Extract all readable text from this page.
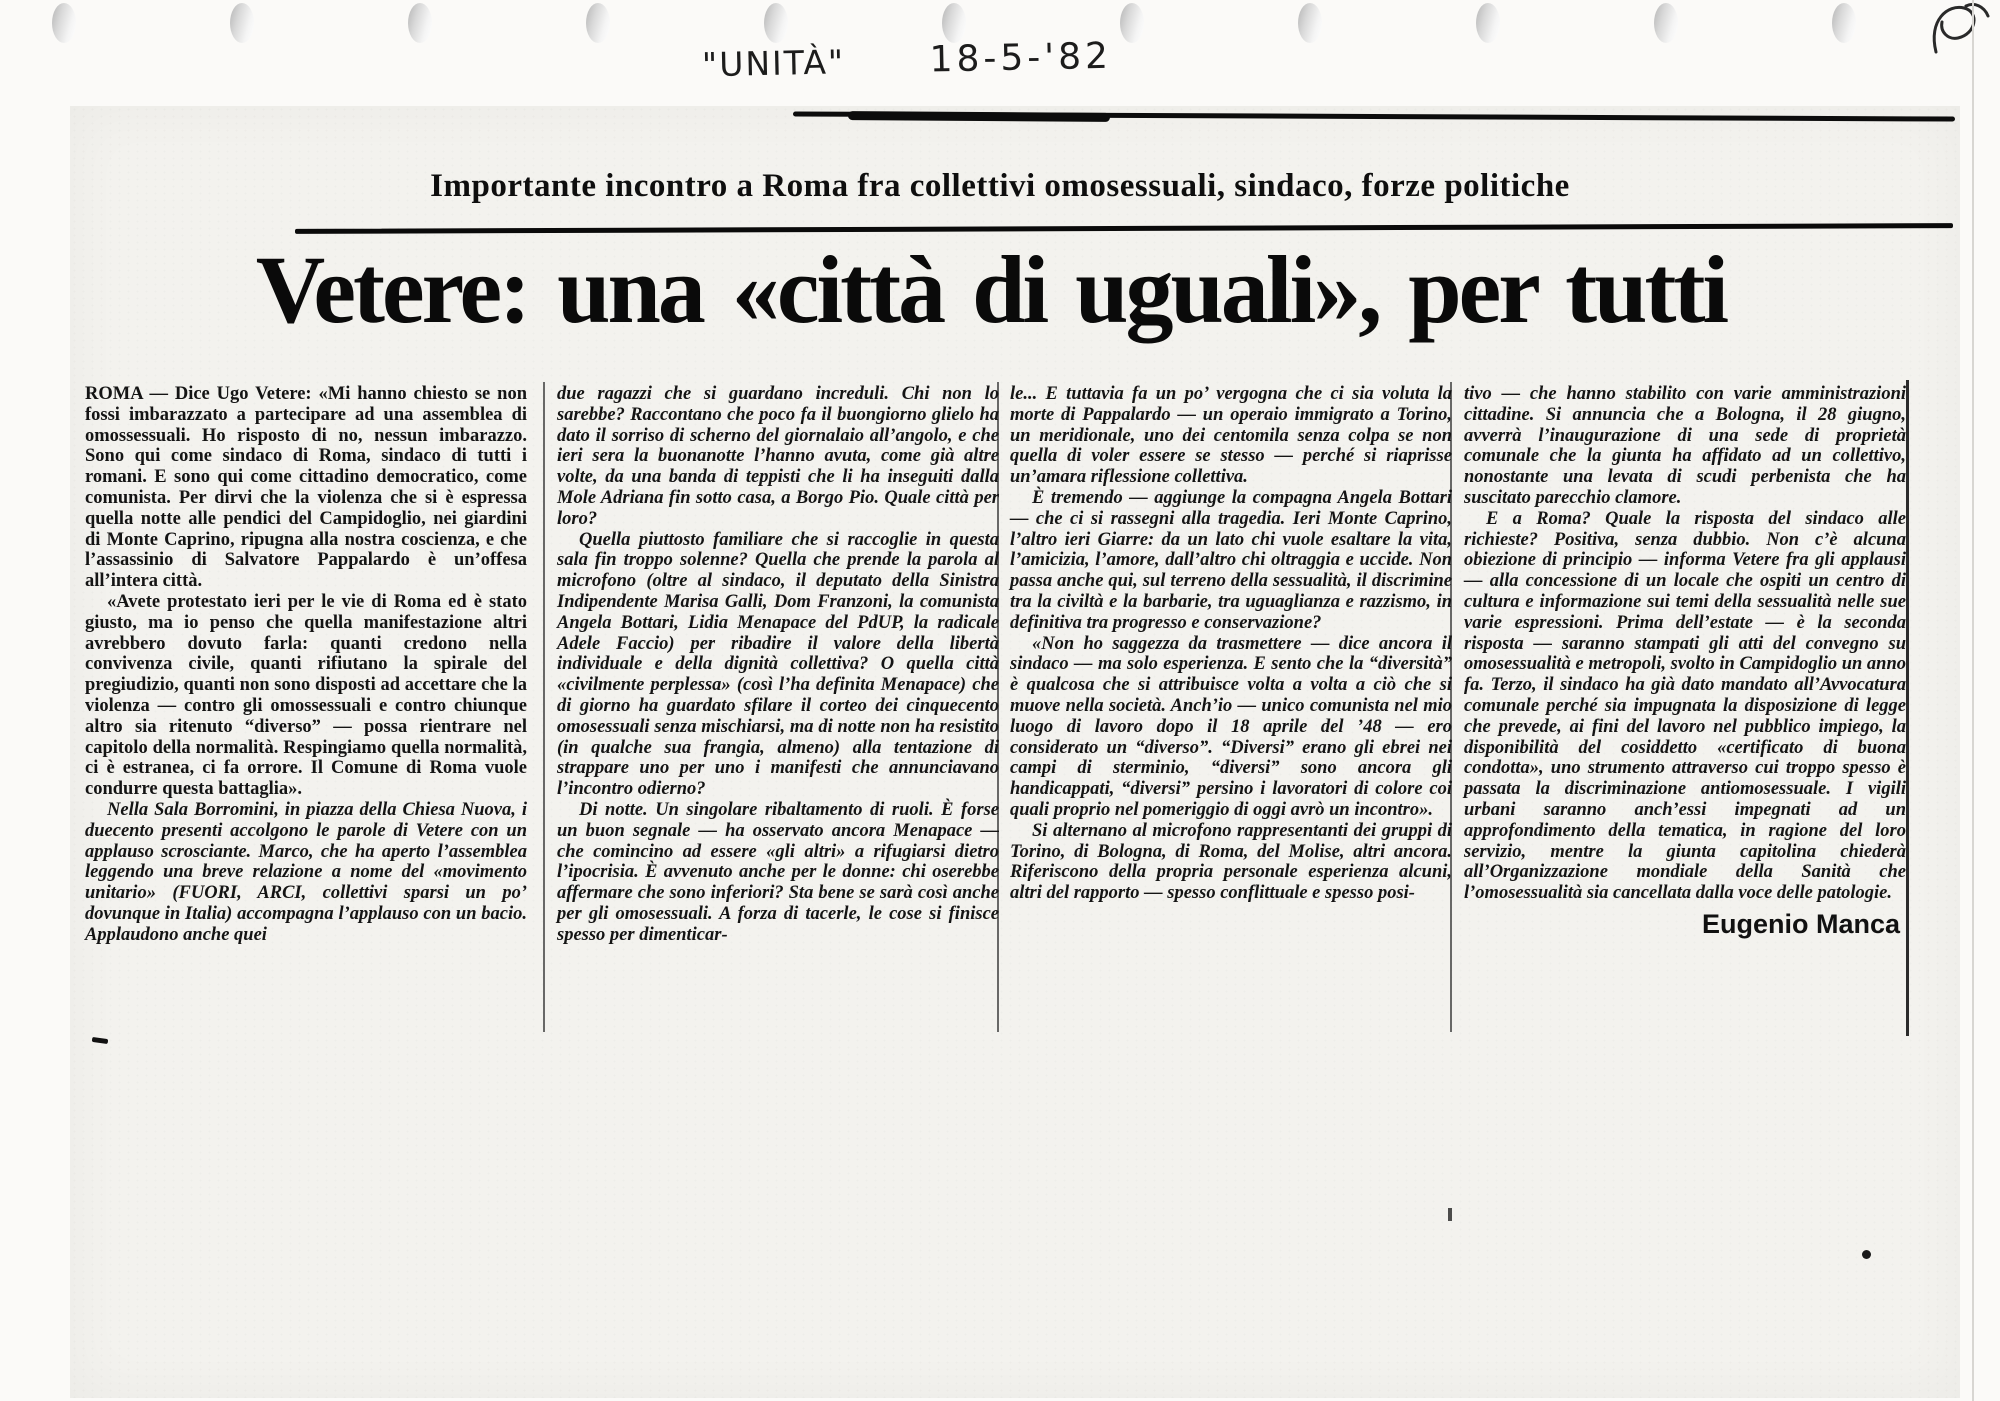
"UNITÀ" 18-5-'82
Importante incontro a Roma fra collettivi omosessuali, sindaco, forze politiche
Vetere: una «città di uguali», per tutti

ROMA — Dice Ugo Vetere: «Mi hanno chiesto se non fossi imbarazzato a partecipare ad una assemblea di omossessuali. Ho risposto di no, nessun imbarazzo. Sono qui come sindaco di Roma, sindaco di tutti i romani. E sono qui come cittadino democratico, come comunista. Per dirvi che la violenza che si è espressa quella notte alle pendici del Campidoglio, nei giardini di Monte Caprino, ripugna alla nostra coscienza, e che l’assassinio di Salvatore Pappalardo è un’offesa all’intera città.

«Avete protestato ieri per le vie di Roma ed è stato giusto, ma io penso che quella manifestazione altri avrebbero dovuto farla: quanti credono nella convivenza civile, quanti rifiutano la spirale del pregiudizio, quanti non sono disposti ad accettare che la violenza — contro gli omossessuali e contro chiunque altro sia ritenuto “diverso” — possa rientrare nel capitolo della normalità. Respingiamo quella normalità, ci è estranea, ci fa orrore. Il Comune di Roma vuole condurre questa battaglia».

Nella Sala Borromini, in piazza della Chiesa Nuova, i duecento presenti accolgono le parole di Vetere con un applauso scrosciante. Marco, che ha aperto l’assemblea leggendo una breve relazione a nome del «movimento unitario» (FUORI, ARCI, collettivi sparsi un po’ dovunque in Italia) accompagna l’applauso con un bacio. Applaudono anche quei

due ragazzi che si guardano increduli. Chi non lo sarebbe? Raccontano che poco fa il buongiorno glielo ha dato il sorriso di scherno del giornalaio all’angolo, e che ieri sera la buonanotte l’hanno avuta, come già altre volte, da una banda di teppisti che li ha inseguiti dalla Mole Adriana fin sotto casa, a Borgo Pio. Quale città per loro?

Quella piuttosto familiare che si raccoglie in questa sala fin troppo solenne? Quella che prende la parola al microfono (oltre al sindaco, il deputato della Sinistra Indipendente Marisa Galli, Dom Franzoni, la comunista Angela Bottari, Lidia Menapace del PdUP, la radicale Adele Faccio) per ribadire il valore della libertà individuale e della dignità collettiva? O quella città «civilmente perplessa» (così l’ha definita Menapace) che di giorno ha guardato sfilare il corteo dei cinquecento omosessuali senza mischiarsi, ma di notte non ha resistito (in qualche sua frangia, almeno) alla tentazione di strappare uno per uno i manifesti che annunciavano l’incontro odierno?

Di notte. Un singolare ribaltamento di ruoli. È forse un buon segnale — ha osservato ancora Menapace — che comincino ad essere «gli altri» a rifugiarsi dietro l’ipocrisia. È avvenuto anche per le donne: chi oserebbe affermare che sono inferiori? Sta bene se sarà così anche per gli omosessuali. A forza di tacerle, le cose si finisce spesso per dimenticar-

le... E tuttavia fa un po’ vergogna che ci sia voluta la morte di Pappalardo — un operaio immigrato a Torino, un meridionale, uno dei centomila senza colpa se non quella di voler essere se stesso — perché si riaprisse un’amara riflessione collettiva.

È tremendo — aggiunge la compagna Angela Bottari — che ci si rassegni alla tragedia. Ieri Monte Caprino, l’altro ieri Giarre: da un lato chi vuole esaltare la vita, l’amicizia, l’amore, dall’altro chi oltraggia e uccide. Non passa anche qui, sul terreno della sessualità, il discrimine tra la civiltà e la barbarie, tra uguaglianza e razzismo, in definitiva tra progresso e conservazione?

«Non ho saggezza da trasmettere — dice ancora il sindaco — ma solo esperienza. E sento che la “diversità” è qualcosa che si attribuisce volta a volta a ciò che si muove nella società. Anch’io — unico comunista nel mio luogo di lavoro dopo il 18 aprile del ’48 — ero considerato un “diverso”. “Diversi” erano gli ebrei nei campi di sterminio, “diversi” sono ancora gli handicappati, “diversi” persino i lavoratori di colore coi quali proprio nel pomeriggio di oggi avrò un incontro».

Si alternano al microfono rappresentanti dei gruppi di Torino, di Bologna, di Roma, del Molise, altri ancora. Riferiscono della propria personale esperienza alcuni, altri del rapporto — spesso conflittuale e spesso posi-

tivo — che hanno stabilito con varie amministrazioni cittadine. Si annuncia che a Bologna, il 28 giugno, avverrà l’inaugurazione di una sede di proprietà comunale che la giunta ha affidato ad un collettivo, nonostante una levata di scudi perbenista che ha suscitato parecchio clamore.

E a Roma? Quale la risposta del sindaco alle richieste? Positiva, senza dubbio. Non c’è alcuna obiezione di principio — informa Vetere fra gli applausi — alla concessione di un locale che ospiti un centro di cultura e informazione sui temi della sessualità nelle sue varie espressioni. Prima dell’estate — è la seconda risposta — saranno stampati gli atti del convegno su omosessualità e metropoli, svolto in Campidoglio un anno fa. Terzo, il sindaco ha già dato mandato all’Avvocatura comunale perché sia impugnata la disposizione di legge che prevede, ai fini del lavoro nel pubblico impiego, la disponibilità del cosiddetto «certificato di buona condotta», uno strumento attraverso cui troppo spesso è passata la discriminazione antiomosessuale. I vigili urbani saranno anch’essi impegnati ad un approfondimento della tematica, in ragione del loro servizio, mentre la giunta capitolina chiederà all’Organizzazione mondiale della Sanità che l’omosessualità sia cancellata dalla voce delle patologie.

Eugenio Manca
